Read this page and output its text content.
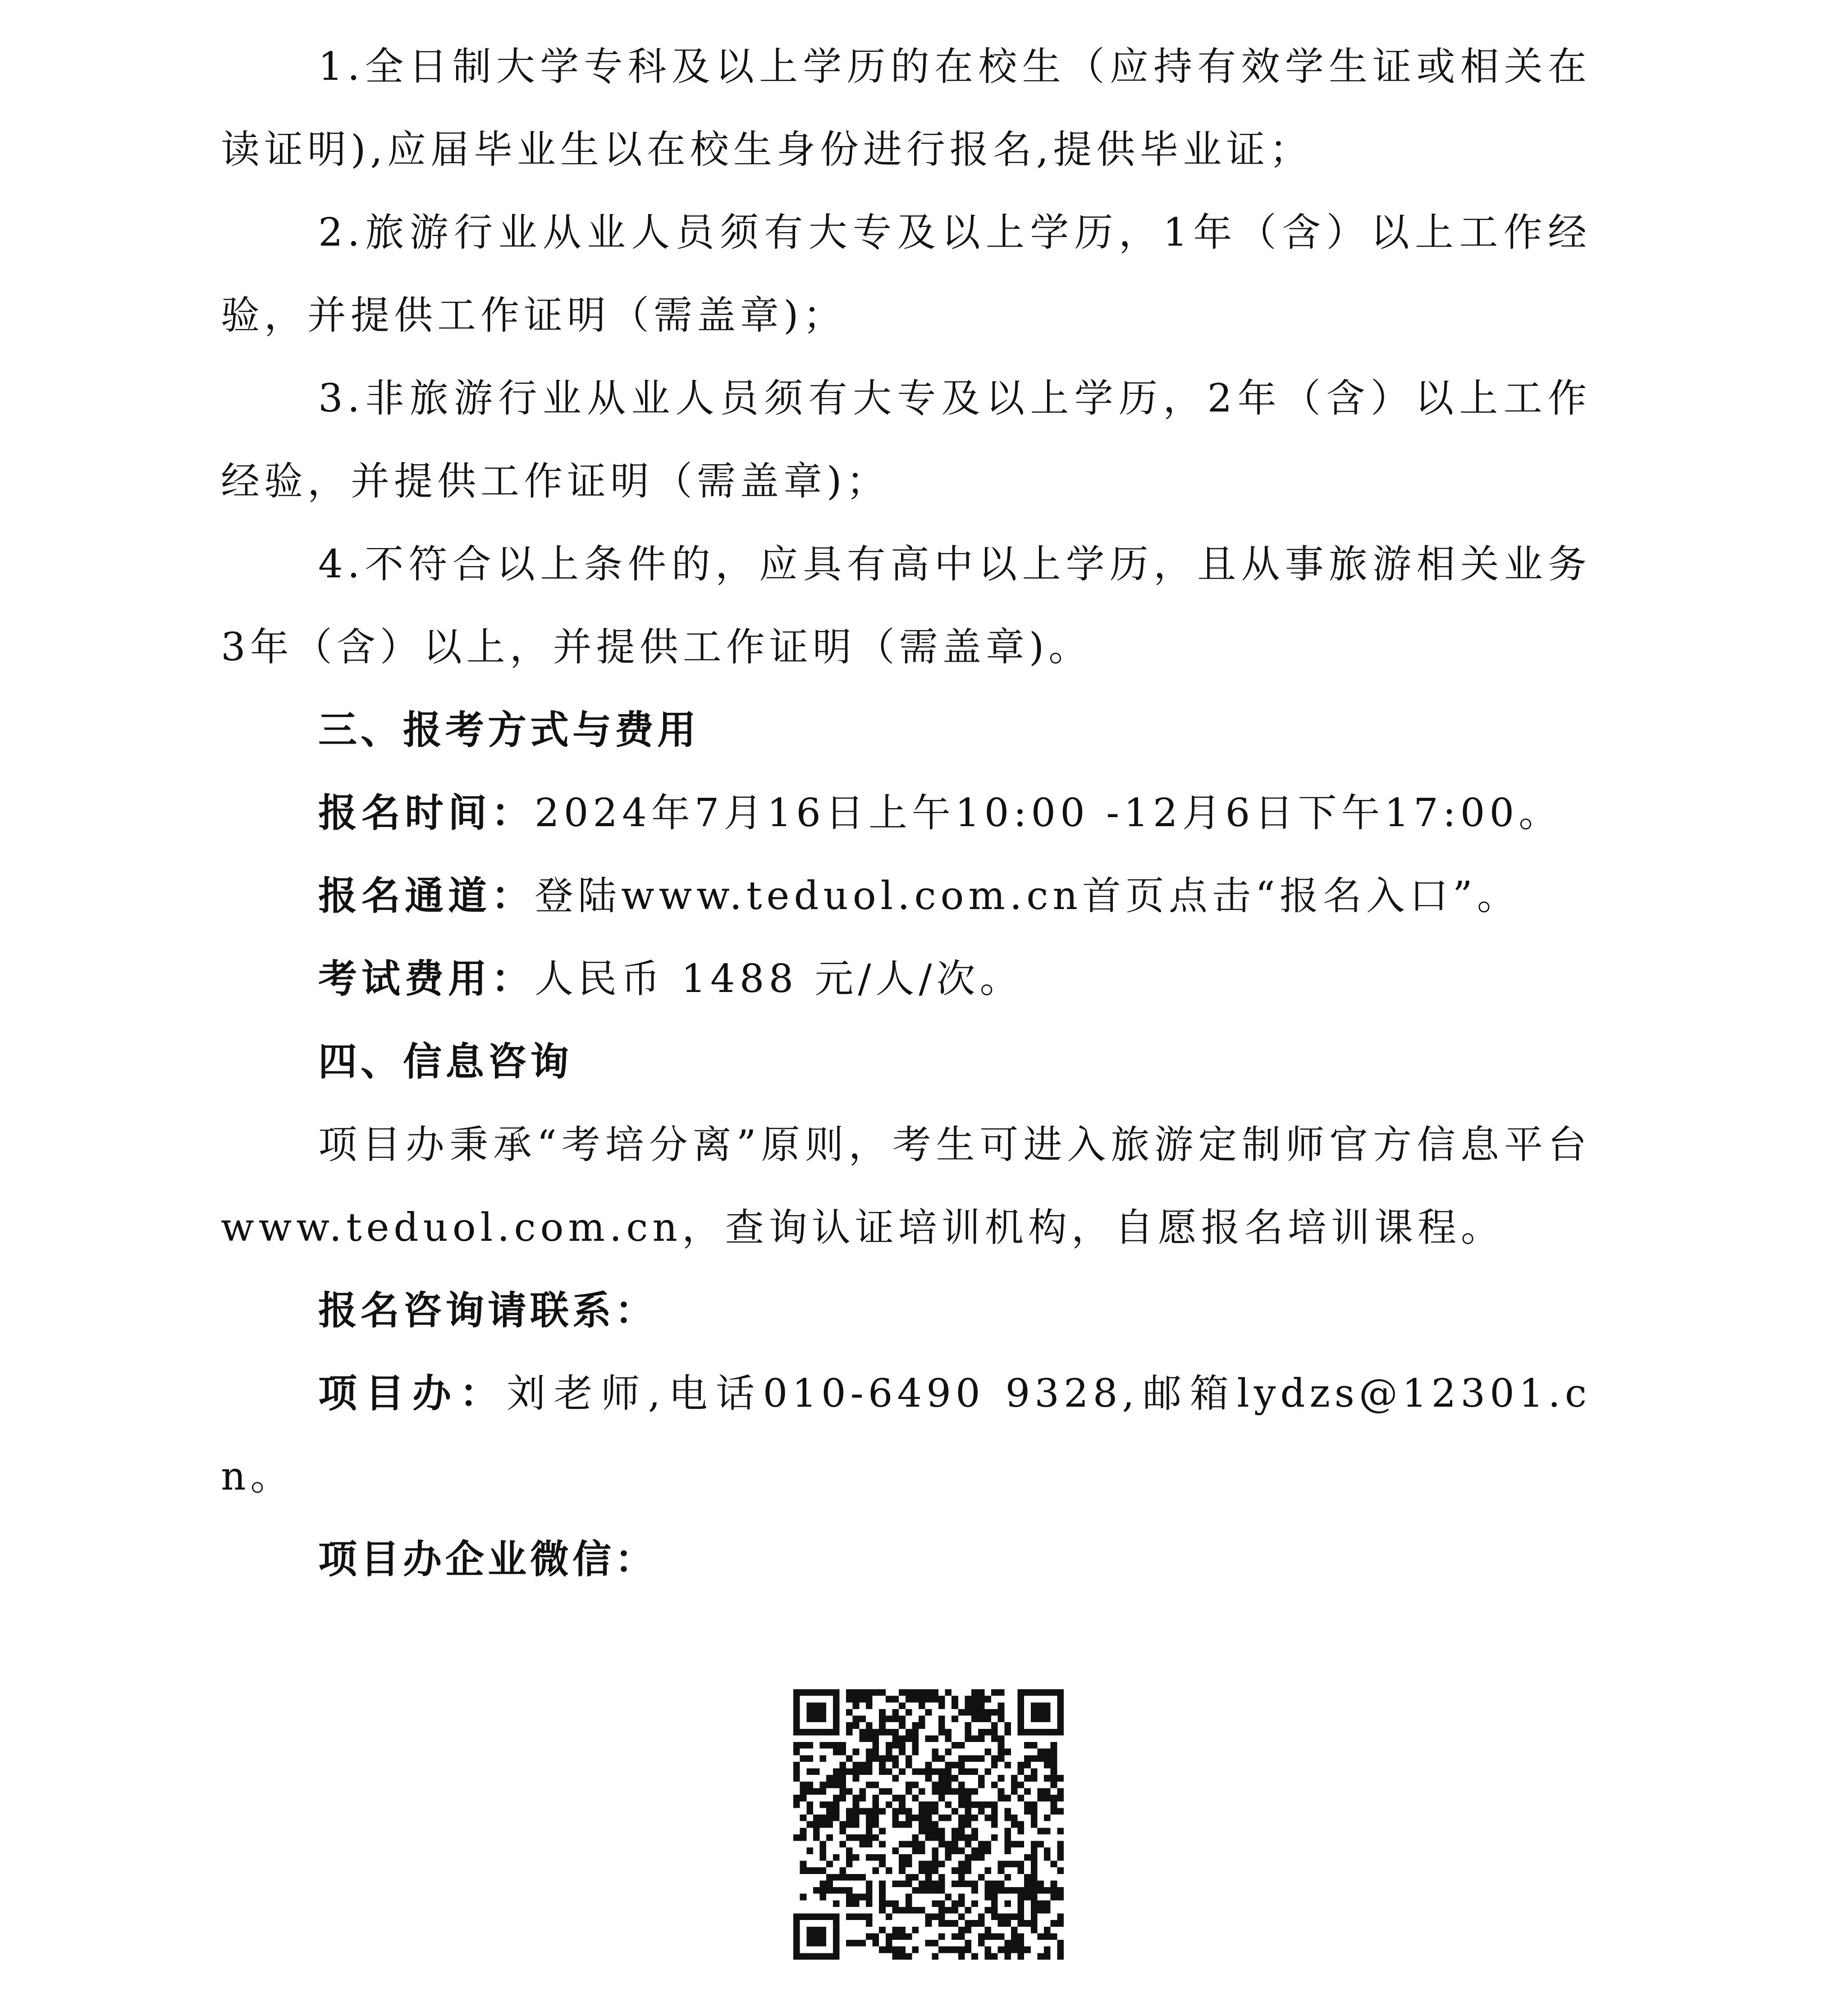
1.全日制大学专科及以上学历的在校生（应持有效学生证或相关在读证明),应届毕业生以在校生身份进行报名,提供毕业证；

2.旅游行业从业人员须有大专及以上学历，1年（含）以上工作经验，并提供工作证明（需盖章)；

3.非旅游行业从业人员须有大专及以上学历，2年（含）以上工作经验，并提供工作证明（需盖章)；

4.不符合以上条件的，应具有高中以上学历，且从事旅游相关业务3年（含）以上，并提供工作证明（需盖章)。

三、报考方式与费用

报名时间：2024年7月16日上午10:00 -12月6日下午17:00。

报名通道：登陆www.teduol.com.cn首页点击“报名入口”。

考试费用：人民币 1488 元/人/次。

四、信息咨询

项目办秉承“考培分离”原则，考生可进入旅游定制师官方信息平台www.teduol.com.cn，查询认证培训机构，自愿报名培训课程。

报名咨询请联系：

项目办：刘老师,电话010-6490 9328,邮箱lydzs@12301.cn。

项目办企业微信：
